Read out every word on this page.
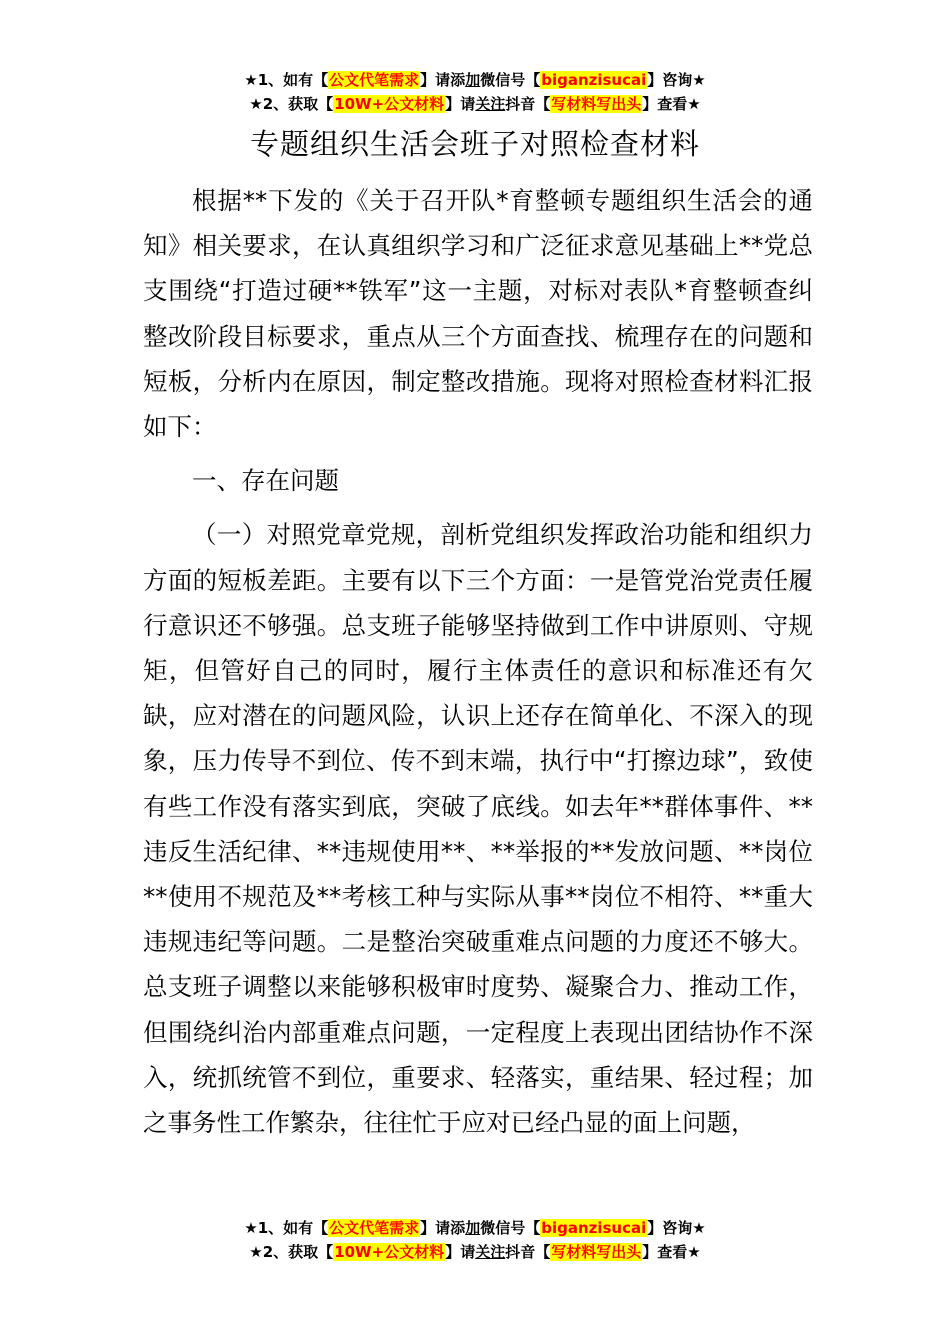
★1、如有【公文代笔需求】请添加微信号【biganzisucai】咨询★
★2、获取【10W+公文材料】请关注抖音【写材料写出头】查看★
专题组织生活会班子对照检查材料

根据**下发的《关于召开队*育整顿专题组织生活会的通知》相关要求，在认真组织学习和广泛征求意见基础上**党总支围绕“打造过硬**铁军”这一主题，对标对表队*育整顿查纠整改阶段目标要求，重点从三个方面查找、梳理存在的问题和短板，分析内在原因，制定整改措施。现将对照检查材料汇报如下：

一、存在问题

（一）对照党章党规，剖析党组织发挥政治功能和组织力方面的短板差距。主要有以下三个方面：一是管党治党责任履行意识还不够强。总支班子能够坚持做到工作中讲原则、守规矩，但管好自己的同时，履行主体责任的意识和标准还有欠缺，应对潜在的问题风险，认识上还存在简单化、不深入的现象，压力传导不到位、传不到末端，执行中“打擦边球”，致使有些工作没有落实到底，突破了底线。如去年**群体事件、**违反生活纪律、**违规使用**、**举报的**发放问题、**岗位**使用不规范及**考核工种与实际从事**岗位不相符、**重大违规违纪等问题。二是整治突破重难点问题的力度还不够大。总支班子调整以来能够积极审时度势、凝聚合力、推动工作，但围绕纠治内部重难点问题，一定程度上表现出团结协作不深入，统抓统管不到位，重要求、轻落实，重结果、轻过程；加之事务性工作繁杂，往往忙于应对已经凸显的面上问题，

★1、如有【公文代笔需求】请添加微信号【biganzisucai】咨询★
★2、获取【10W+公文材料】请关注抖音【写材料写出头】查看★
